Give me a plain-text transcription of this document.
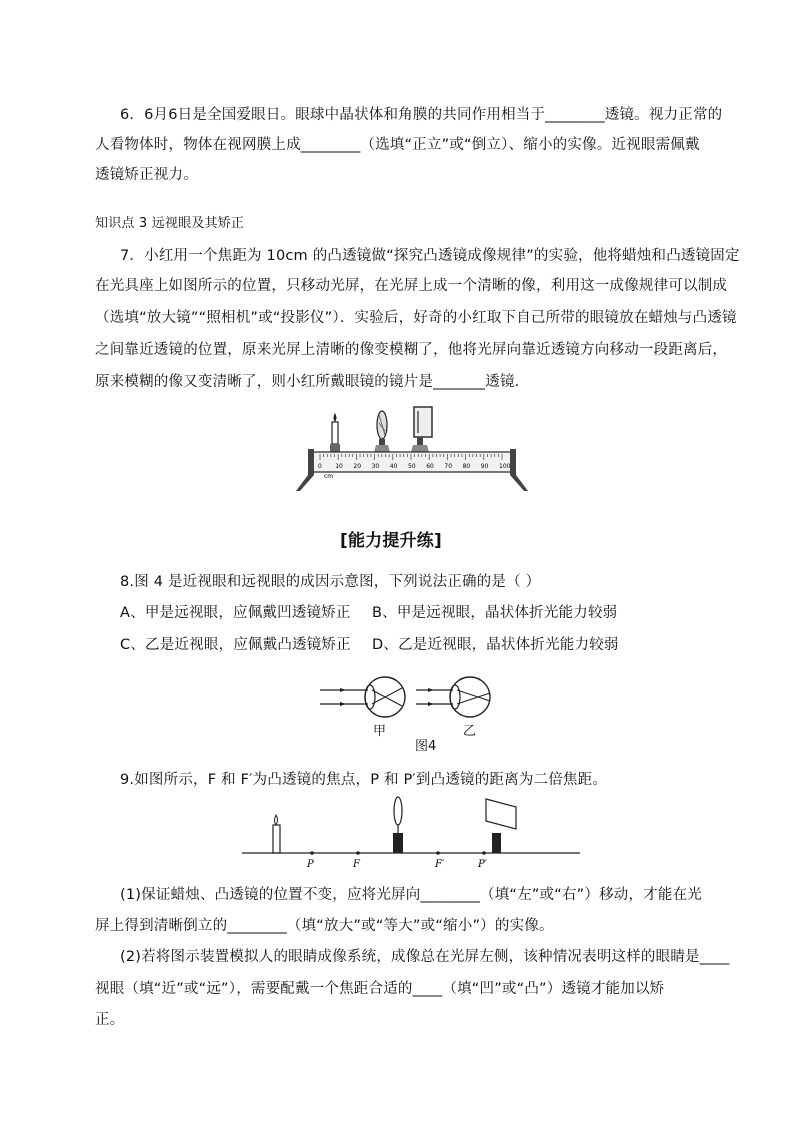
6．6月6日是全国爱眼日。眼球中晶状体和角膜的共同作用相当于________透镜。视力正常的

人看物体时，物体在视网膜上成________（选填“正立”或“倒立）、缩小的实像。近视眼需佩戴

透镜矫正视力。

知识点 3 远视眼及其矫正

7．小红用一个焦距为 10cm 的凸透镜做“探究凸透镜成像规律”的实验，他将蜡烛和凸透镜固定

在光具座上如图所示的位置，只移动光屏，在光屏上成一个清晰的像，利用这一成像规律可以制成

（选填“放大镜”“照相机”或“投影仪”）．实验后，好奇的小红取下自己所带的眼镜放在蜡烛与凸透镜

之间靠近透镜的位置，原来光屏上清晰的像变模糊了，他将光屏向靠近透镜方向移动一段距离后，

原来模糊的像又变清晰了，则小红所戴眼镜的镜片是_______透镜．

0 10 20 30 40 50 60 70 80 90 100
cm

[能力提升练]

8.图 4 是近视眼和远视眼的成因示意图，下列说法正确的是（ ）

A、甲是远视眼，应佩戴凹透镜矫正 B、甲是远视眼，晶状体折光能力较弱

C、乙是近视眼，应佩戴凸透镜矫正 D、乙是近视眼，晶状体折光能力较弱

甲	乙

图4

9.如图所示，F 和 F′为凸透镜的焦点，P 和 P′到凸透镜的距离为二倍焦距。

P	F	F′	P′

(1)保证蜡烛、凸透镜的位置不变，应将光屏向________（填“左”或“右”）移动，才能在光

屏上得到清晰倒立的________（填“放大”或“等大”或“缩小”）的实像。

(2)若将图示装置模拟人的眼睛成像系统，成像总在光屏左侧，该种情况表明这样的眼睛是____

视眼（填“近”或“远”），需要配戴一个焦距合适的____（填“凹”或“凸”）透镜才能加以矫

正。
